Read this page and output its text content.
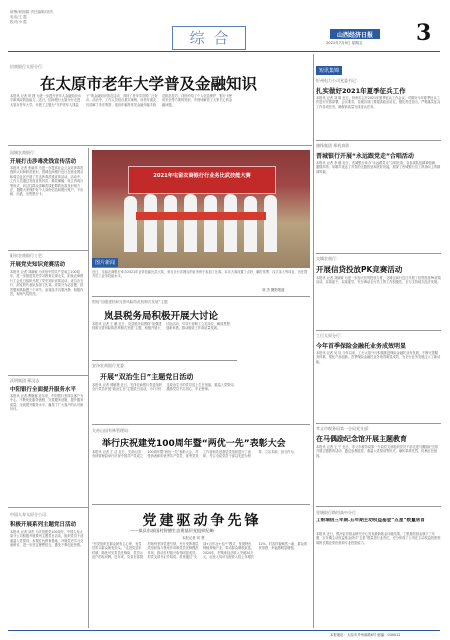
统筹/邢瑞娟 责任编辑/刘杰
电话/王 霞
校对/小 霞
综 合	山西经济日报
2021年7月9日 星期五 3
招商银行太原分行：
在太原市老年大学普及金融知识
本报讯 记者 常 捷 为进一步提升老年人金融知识水平和风险防范能力，近日，招商银行太原分行走进太原市老年大学，开展了主题为“守护老年人钱袋子”的金融知识普及活动，得到了老年学员的广泛好评。活动中，工作人员结合真实案例，向老年朋友们讲解了非法集资、电信诈骗等常见金融诈骗手段及防范技巧，详细介绍了个人信息保护、银行卡使用安全等方面的知识，并现场解答了大家关心的金融问题。
国城农商银行：
开展打击涉毒洗钱宣传活动
本报讯 记者 张丽萍 为进一步提高社会公众对涉毒洗钱的认识和防范意识，国城农商银行近日在营业网点和周边社区开展了打击涉毒洗钱宣传活动。活动中，工作人员通过发放宣传折页、悬挂横幅、设立咨询台等形式，向过往群众讲解洗钱犯罪的危害及识别方法，提醒大家保护好个人身份信息和银行账户，不出租、出借、出售银行卡。
阳泉农商银行工会：
开展党史知识竞赛活动
本报讯 记者 刘淑敏 为庆祝中国共产党成立100周年，进一步推进党史学习教育走深走实，阳泉农商银行工会近日组织开展了党史知识竞赛活动。来自各支行、部室的代表队参加了比赛。竞赛分为必答题、抢答题和风险题三个环节，参赛选手沉着冷静、积极作答，现场气氛热烈。
沃明集团 邢汉志
中阳银行全面提升服务水平
本报讯 记者 曹晓蓉 近年来，中阳银行坚持以客户为中心，不断优化服务流程、完善服务设施、提升服务质量，全面提升服务水平，赢得了广大客户的认可和好评。
中国人寿太原分公司：
积极开展系列主题党日活动
本报讯 记者 刘杰 为庆祝建党100周年，中国人寿太原分公司积极开展系列主题党日活动，组织党员干部重温入党誓词、参观红色教育基地、开展党史学习交流研讨，进一步坚定理想信念，激发干事创业热情。
2021年屯留农商银行行业务比武技能大赛
图片新闻
近日，屯留农商银行举办2021年业务技能比武大赛，来自全行各网点的业务骨干参加了比赛。本次大赛设置了点钞、翻打传票、汉字录入等项目，旨在提升员工业务技能水平。
刘 杰 摄影报道
围绕“加强建档和完善风险防范机制式发展”主题
岚县税务局积极开展大讨论
本报讯 记者 王 鹏 近日，岚县税务局围绕“加强建档和完善风险防范机制式发展”主题，积极开展大讨论活动，引导干部职工立足岗位、解放思想、创新举措，推动税收工作高质量发展。
安泽农商银行党委：
开展“双治生日”主题党日活动
本报讯 记者 邢敏捷 近日，安泽农商银行党委组织全行党员开展“政治生日”主题党日活动，为7月份过政治生日的党员送上生日祝福，重温入党誓词，激励党员不忘初心、牢记使命。
关帝山国有林管理局：
举行庆祝建党100周年暨“两优一先”表彰大会
本报讯 记者 王 洁 近日，关帝山国有林管理局举行庆祝中国共产党成立100周年暨“两优一先”表彰大会，对受到表彰的优秀共产党员、优秀党务工作者和先进基层党组织进行了表彰，号召全局党员干部以先进为榜样，立足本职、担当作为。
党建驱动争先锋
——岚县东部国村智德生态建基层党组织纪略
本报记者 刘 慧
“有党组织在群众就有主心骨，有党员带头群众就有劲头。”走进岚县东村镇，随处可见党员先锋岗、党员示范户的标识牌。近年来，岚县东部国村始终坚持党建引领，充分发挥基层党组织战斗堡垒作用和党员先锋模范作用，推动乡村振兴取得明显成效。村党支部书记介绍说，村里通过“支部+合作社+农户”模式，发展特色种植养殖产业，带动群众增收致富。2020年，村集体经济收入突破30万元，农民人均可支配收入较上年增长12%，村容村貌焕然一新，群众的获得感、幸福感明显增强。
短讯集锦
忻州电力公司党委书记：
扎实做好2021年夏季征兵工作
本报讯 记者 刘 皓 近日，忻州市召开2021年夏季征兵工作会议，对做好今年夏季征兵工作进行安排部署。会议要求，各级各部门要提高政治站位，强化责任担当，严格落实征兵工作各项任务，确保高质量完成征兵任务。
旗锋集团 邢机真影
晋城银行开展“永远跟党走”合唱活动
本报讯 记者 李 娜 近日，晋城银行举办“永远跟党走”合唱比赛，各参赛队伍精神饱满、激情高昂，用歌声表达了对党的无限热爱和美好祝福，展现了晋城银行员工昂扬向上的精神风貌。
交城农商行：
开展信贷投放PK竞赛活动
本报讯 记者 刘丽敏 为进一步加大信贷投放力度，交城农商行近日开展了信贷投放PK竞赛活动，以赛促干，以赛促学，充分调动全行员工的工作积极性，全力支持地方经济发展。
工行太原分行：
今年首季保险金融托业务成效明显
本报讯 记者 吴 岚 今年以来，工行太原分行积极推进保险金融托业务发展，不断完善服务体系，强化产品创新，首季保险金融托业务取得明显成效，为全行业务发展注入了新动能。
孝义市税务局第一分局党支部：
在马偶励纪念馆开展主题教育
本报讯 记者 王 宁 近日，孝义市税务局第一分局党支部组织党员干部走进马偶励纪念馆开展主题教育活动，通过参观展览、重温入党誓词等形式，缅怀革命先烈，传承红色基因。
晋城银行路用高中分行
工银瑞信三年期.五年期主动权益基金“五星”数量居首
本报讯 近日，银河证券基金研究中心发布最新基金评级结果，工银瑞信基金旗下三年期、五年期主动权益基金获评“五星”数量居行业首位，充分体现了公司在主动权益投资领域的长期业绩优势和专业投资能力。
本报地址：太原市并州南路6号 邮编：030012
